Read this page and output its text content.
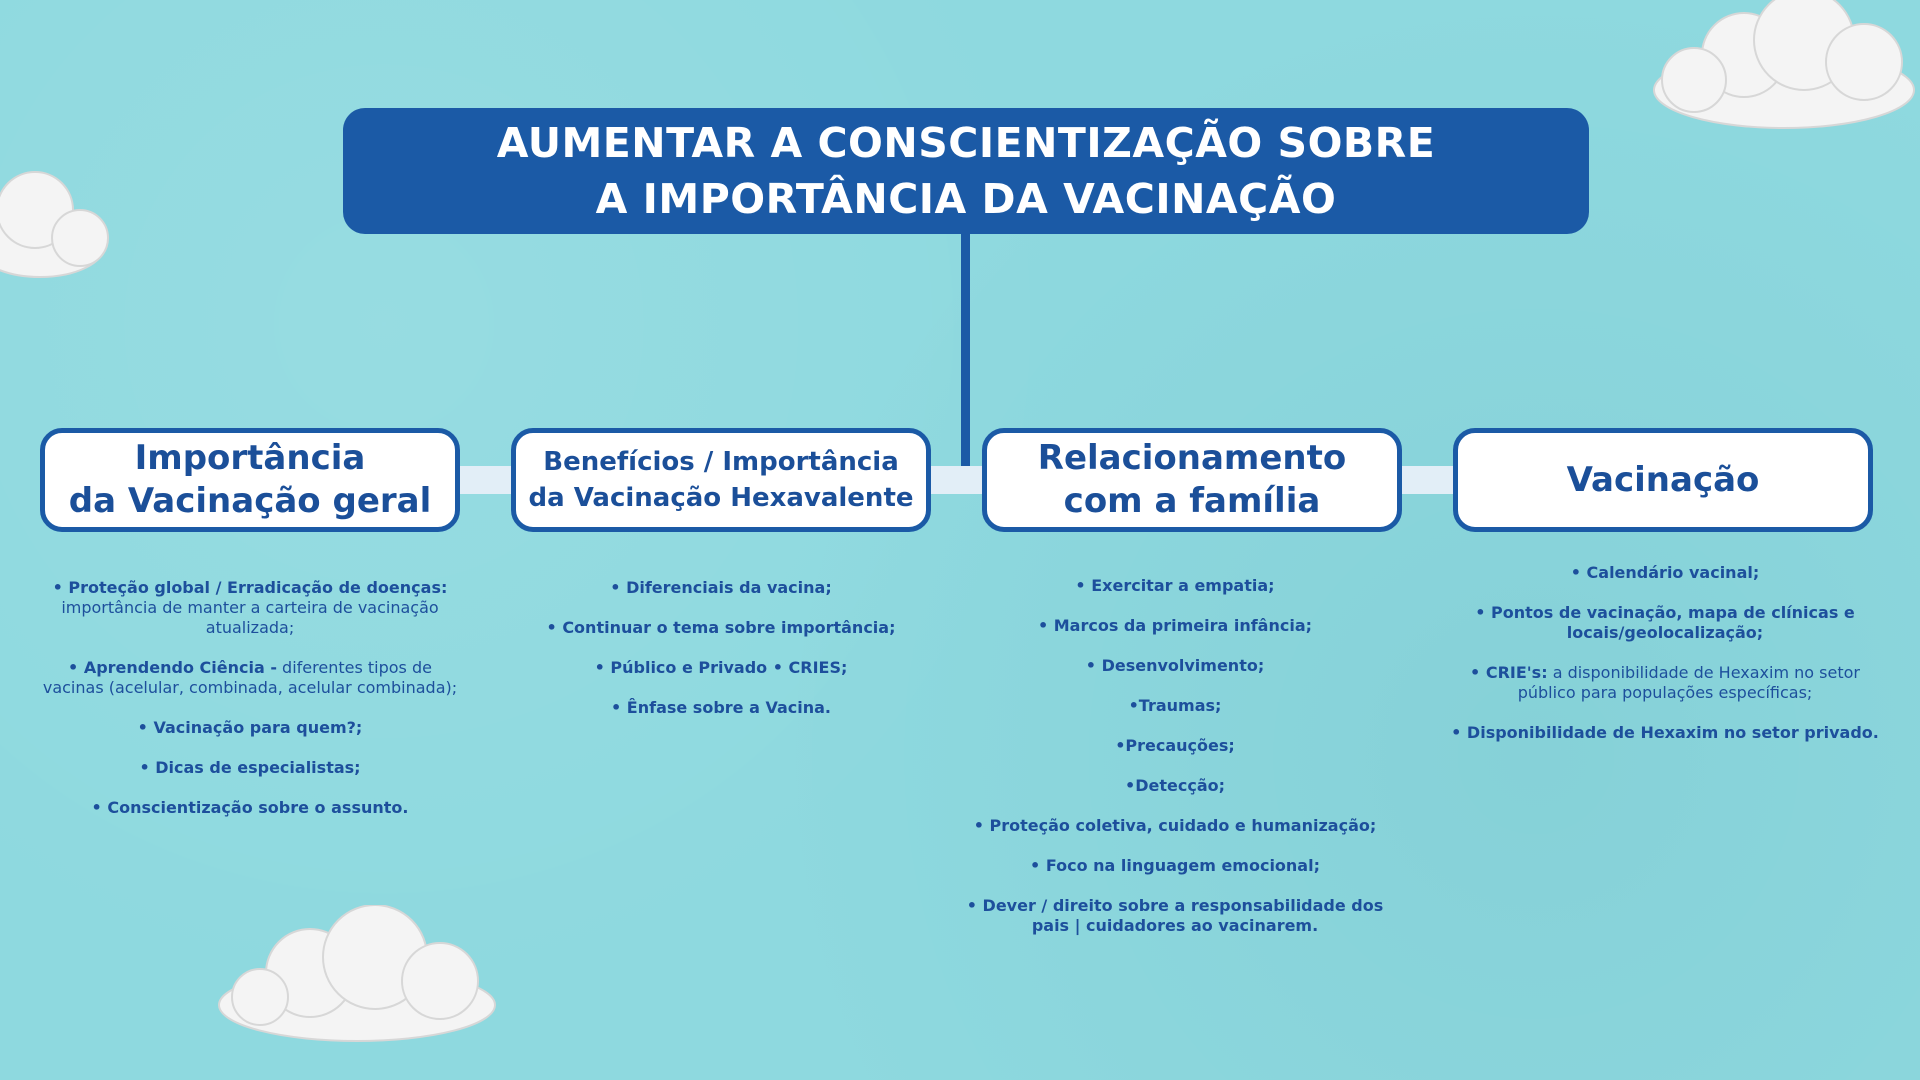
AUMENTAR A CONSCIENTIZAÇÃO SOBRE
A IMPORTÂNCIA DA VACINAÇÃO
Importância
da Vacinação geral
Benefícios / Importância
da Vacinação Hexavalente
Relacionamento
com a família
Vacinação
• Proteção global / Erradicação de doenças: importância de manter a carteira de vacinação atualizada;
• Aprendendo Ciência - diferentes tipos de vacinas (acelular, combinada, acelular combinada);
• Vacinação para quem?;
• Dicas de especialistas;
• Conscientização sobre o assunto.
• Diferenciais da vacina;
• Continuar o tema sobre importância;
• Público e Privado • CRIES;
• Ênfase sobre a Vacina.
• Exercitar a empatia;
• Marcos da primeira infância;
• Desenvolvimento;
•Traumas;
•Precauções;
•Detecção;
• Proteção coletiva, cuidado e humanização;
• Foco na linguagem emocional;
• Dever / direito sobre a responsabilidade dos pais | cuidadores ao vacinarem.
• Calendário vacinal;
• Pontos de vacinação, mapa de clínicas e locais/geolocalização;
• CRIE's: a disponibilidade de Hexaxim no setor público para populações específicas;
• Disponibilidade de Hexaxim no setor privado.
